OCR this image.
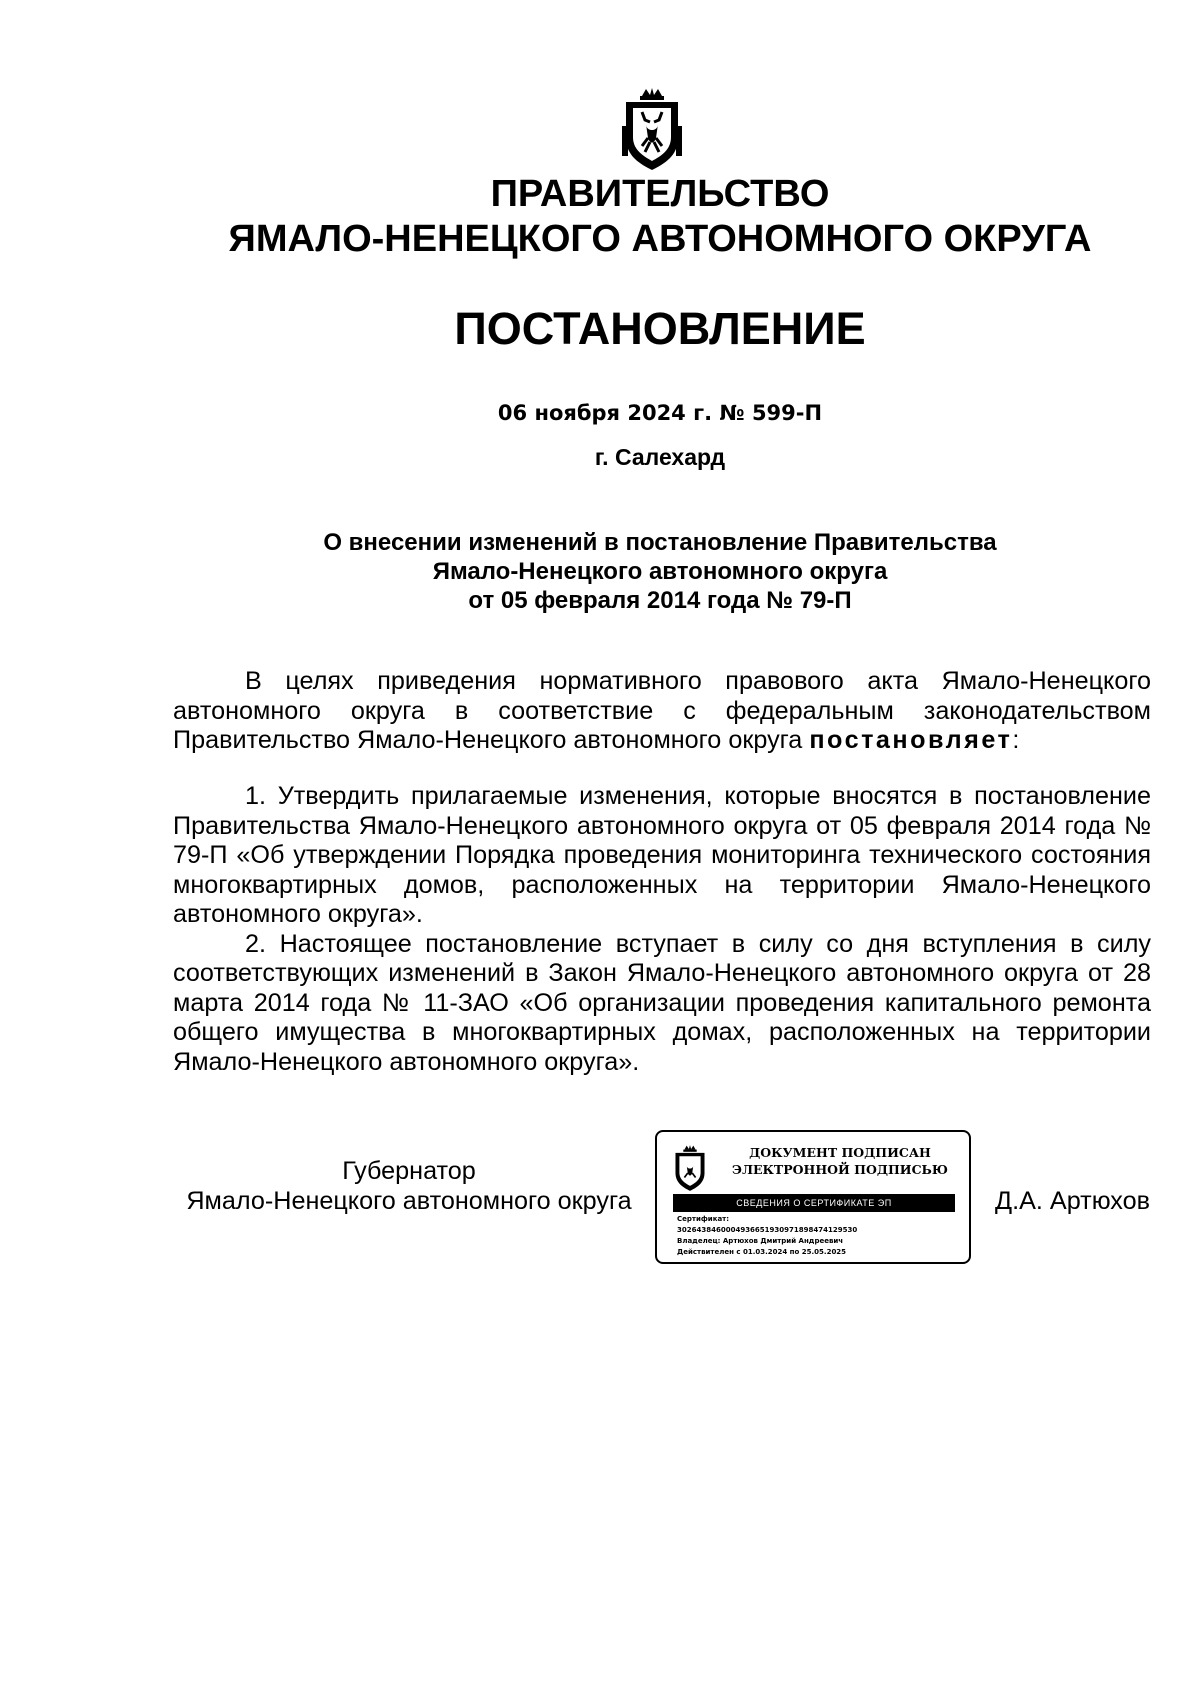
ПРАВИТЕЛЬСТВО
ЯМАЛО-НЕНЕЦКОГО АВТОНОМНОГО ОКРУГА
ПОСТАНОВЛЕНИЕ
06 ноября 2024 г. № 599-П
г. Салехард
О внесении изменений в постановление Правительства
Ямало-Ненецкого автономного округа
от 05 февраля 2014 года № 79-П

В целях приведения нормативного правового акта Ямало-Ненецкого автономного округа в соответствие с федеральным законодательством Правительство Ямало-Ненецкого автономного округа постановляет:

1. Утвердить прилагаемые изменения, которые вносятся в постановление Правительства Ямало-Ненецкого автономного округа от 05 февраля 2014 года № 79-П «Об утверждении Порядка проведения мониторинга технического состояния многоквартирных домов, расположенных на территории Ямало-Ненецкого автономного округа».

2. Настоящее постановление вступает в силу со дня вступления в силу соответствующих изменений в Закон Ямало-Ненецкого автономного округа от 28 марта 2014 года № 11-ЗАО «Об организации проведения капитального ремонта общего имущества в многоквартирных домах, расположенных на территории Ямало-Ненецкого автономного округа».

Губернатор
Ямало-Ненецкого автономного округа
ДОКУМЕНТ ПОДПИСАН
ЭЛЕКТРОННОЙ ПОДПИСЬЮ
СВЕДЕНИЯ О СЕРТИФИКАТЕ ЭП
Сертификат:
3026438460004936651930971898474129530
Владелец: Артюхов Дмитрий Андреевич
Действителен с 01.03.2024 по 25.05.2025
Д.А. Артюхов
